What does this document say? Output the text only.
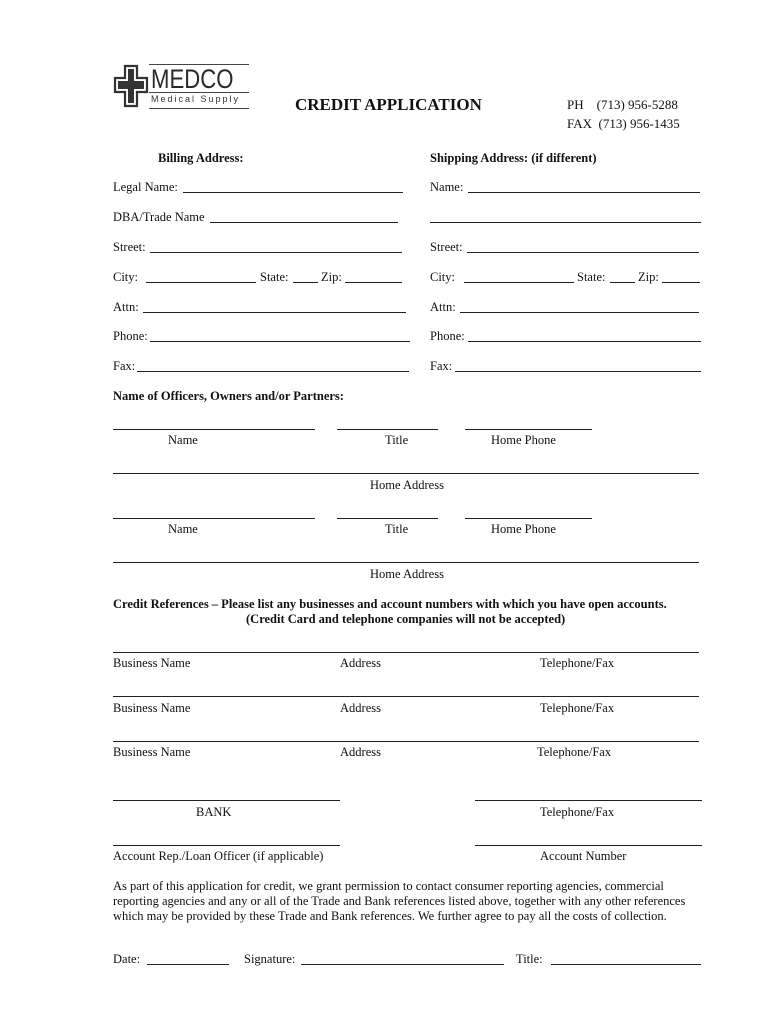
MEDCO
Medical Supply	CREDIT APPLICATION	PH    (713) 956-5288
FAX  (713) 956-1435
Billing Address:	Shipping Address: (if different)
Legal Name:
DBA/Trade Name
Street:
City:	State:	Zip:
Attn:
Phone:
Fax:
Name:
Street:
City:	State:	Zip:
Attn:
Phone:
Fax:
Name of Officers, Owners and/or Partners:
Name	Title	Home Phone
Home Address
Name	Title	Home Phone
Home Address
Credit References – Please list any businesses and account numbers with which you have open accounts.
(Credit Card and telephone companies will not be accepted)
Business Name	Address	Telephone/Fax
Business Name	Address	Telephone/Fax
Business Name	Address	Telephone/Fax
BANK	Telephone/Fax
Account Rep./Loan Officer (if applicable)	Account Number
As part of this application for credit, we grant permission to contact consumer reporting agencies, commercial
reporting agencies and any or all of the Trade and Bank references listed above, together with any other references
which may be provided by these Trade and Bank references. We further agree to pay all the costs of collection.
Date:	Signature:	Title:
